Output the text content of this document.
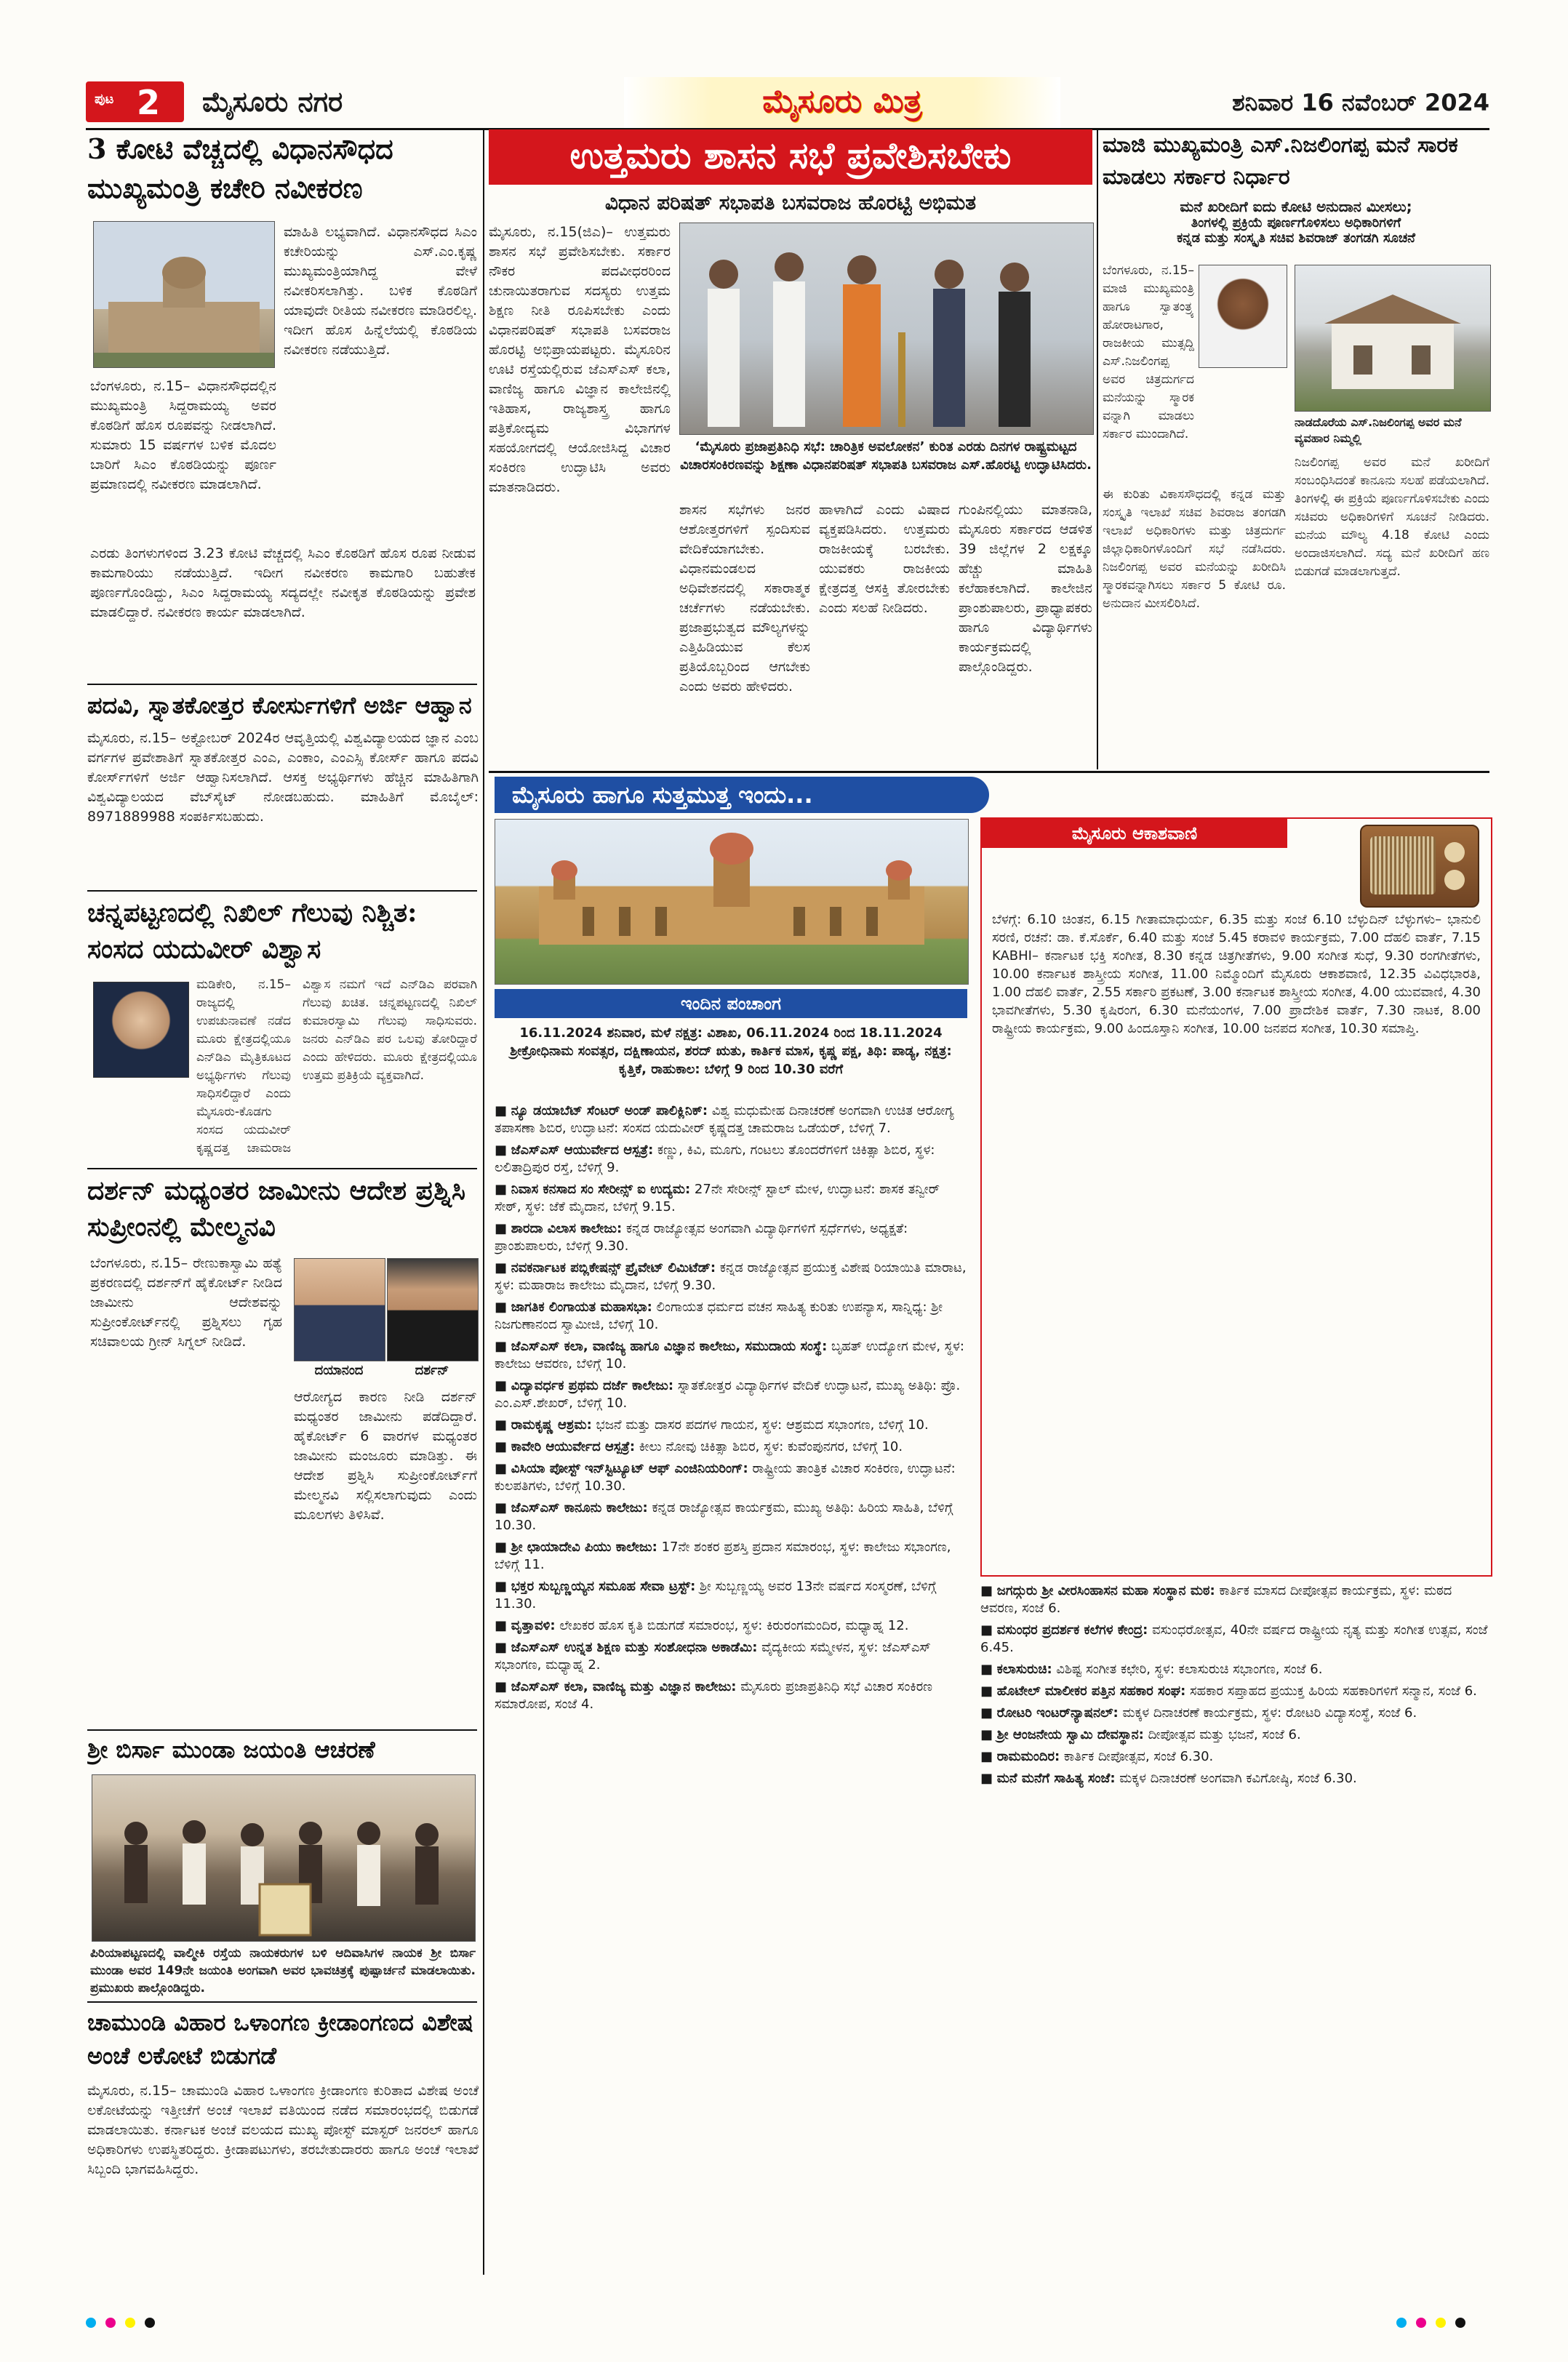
ಪುಟ 2 ಮೈಸೂರು ನಗರ	ಮೈಸೂರು ಮಿತ್ರ	ಶನಿವಾರ 16 ನವೆಂಬರ್ 2024
3 ಕೋಟಿ ವೆಚ್ಚದಲ್ಲಿ ವಿಧಾನಸೌಧದ ಮುಖ್ಯಮಂತ್ರಿ ಕಚೇರಿ ನವೀಕರಣ
ಮಾಹಿತಿ ಲಭ್ಯವಾಗಿದೆ. ವಿಧಾನಸೌಧದ ಸಿಎಂ ಕಚೇರಿಯನ್ನು ಎಸ್.ಎಂ.ಕೃಷ್ಣ ಮುಖ್ಯಮಂತ್ರಿಯಾಗಿದ್ದ ವೇಳೆ ನವೀಕರಿಸಲಾಗಿತ್ತು. ಬಳಿಕ ಕೊಠಡಿಗೆ ಯಾವುದೇ ರೀತಿಯ ನವೀಕರಣ ಮಾಡಿರಲಿಲ್ಲ. ಇದೀಗ ಹೊಸ ಹಿನ್ನೆಲೆಯಲ್ಲಿ ಕೊಠಡಿಯ ನವೀಕರಣ ನಡೆಯುತ್ತಿದೆ.
ಬೆಂಗಳೂರು, ನ.15– ವಿಧಾನಸೌಧದಲ್ಲಿನ ಮುಖ್ಯಮಂತ್ರಿ ಸಿದ್ದರಾಮಯ್ಯ ಅವರ ಕೊಠಡಿಗೆ ಹೊಸ ರೂಪವನ್ನು ನೀಡಲಾಗಿದೆ. ಸುಮಾರು 15 ವರ್ಷಗಳ ಬಳಿಕ ಮೊದಲ ಬಾರಿಗೆ ಸಿಎಂ ಕೊಠಡಿಯನ್ನು ಪೂರ್ಣ ಪ್ರಮಾಣದಲ್ಲಿ ನವೀಕರಣ ಮಾಡಲಾಗಿದೆ.
ಎರಡು ತಿಂಗಳುಗಳಿಂದ 3.23 ಕೋಟಿ ವೆಚ್ಚದಲ್ಲಿ ಸಿಎಂ ಕೊಠಡಿಗೆ ಹೊಸ ರೂಪ ನೀಡುವ ಕಾಮಗಾರಿಯು ನಡೆಯುತ್ತಿದೆ. ಇದೀಗ ನವೀಕರಣ ಕಾಮಗಾರಿ ಬಹುತೇಕ ಪೂರ್ಣಗೊಂಡಿದ್ದು, ಸಿಎಂ ಸಿದ್ದರಾಮಯ್ಯ ಸದ್ಯದಲ್ಲೇ ನವೀಕೃತ ಕೊಠಡಿಯನ್ನು ಪ್ರವೇಶ ಮಾಡಲಿದ್ದಾರೆ. ನವೀಕರಣ ಕಾರ್ಯ ಮಾಡಲಾಗಿದೆ.
ಪದವಿ, ಸ್ನಾತಕೋತ್ತರ ಕೋರ್ಸುಗಳಿಗೆ ಅರ್ಜಿ ಆಹ್ವಾನ
ಮೈಸೂರು, ನ.15– ಅಕ್ಟೋಬರ್ 2024ರ ಆವೃತ್ತಿಯಲ್ಲಿ ವಿಶ್ವವಿದ್ಯಾಲಯದ ಜ್ಞಾನ ಎಂಬ ವರ್ಗಗಳ ಪ್ರವೇಶಾತಿಗೆ ಸ್ನಾತಕೋತ್ತರ ಎಂಎ, ಎಂಕಾಂ, ಎಂಎಸ್ಸಿ ಕೋರ್ಸ್ ಹಾಗೂ ಪದವಿ ಕೋರ್ಸ್‌ಗಳಿಗೆ ಅರ್ಜಿ ಆಹ್ವಾನಿಸಲಾಗಿದೆ. ಆಸಕ್ತ ಅಭ್ಯರ್ಥಿಗಳು ಹೆಚ್ಚಿನ ಮಾಹಿತಿಗಾಗಿ ವಿಶ್ವವಿದ್ಯಾಲಯದ ವೆಬ್‌ಸೈಟ್ ನೋಡಬಹುದು. ಮಾಹಿತಿಗೆ ಮೊಬೈಲ್: 8971889988 ಸಂಪರ್ಕಿಸಬಹುದು.
ಚನ್ನಪಟ್ಟಣದಲ್ಲಿ ನಿಖಿಲ್ ಗೆಲುವು ನಿಶ್ಚಿತ: ಸಂಸದ ಯದುವೀರ್ ವಿಶ್ವಾಸ
ಮಡಿಕೇರಿ, ನ.15– ರಾಜ್ಯದಲ್ಲಿ ಉಪಚುನಾವಣೆ ನಡೆದ ಮೂರು ಕ್ಷೇತ್ರದಲ್ಲಿಯೂ ಎನ್‌ಡಿಎ ಮೈತ್ರಿಕೂಟದ ಅಭ್ಯರ್ಥಿಗಳು ಗೆಲುವು ಸಾಧಿಸಲಿದ್ದಾರೆ ಎಂದು ಮೈಸೂರು-ಕೊಡಗು ಸಂಸದ ಯದುವೀರ್ ಕೃಷ್ಣದತ್ತ ಚಾಮರಾಜ
ವಿಶ್ವಾಸ ನಮಗೆ ಇದೆ ಎನ್‌ಡಿಎ ಪರವಾಗಿ ಗೆಲುವು ಖಚಿತ. ಚನ್ನಪಟ್ಟಣದಲ್ಲಿ ನಿಖಿಲ್ ಕುಮಾರಸ್ವಾಮಿ ಗೆಲುವು ಸಾಧಿಸುವರು. ಜನರು ಎನ್‌ಡಿಎ ಪರ ಒಲವು ತೋರಿದ್ದಾರೆ ಎಂದು ಹೇಳಿದರು. ಮೂರು ಕ್ಷೇತ್ರದಲ್ಲಿಯೂ ಉತ್ತಮ ಪ್ರತಿಕ್ರಿಯೆ ವ್ಯಕ್ತವಾಗಿದೆ.
ದರ್ಶನ್ ಮಧ್ಯಂತರ ಜಾಮೀನು ಆದೇಶ ಪ್ರಶ್ನಿಸಿ ಸುಪ್ರೀಂನಲ್ಲಿ ಮೇಲ್ಮನವಿ
ಬೆಂಗಳೂರು, ನ.15– ರೇಣುಕಾಸ್ವಾಮಿ ಹತ್ಯೆ ಪ್ರಕರಣದಲ್ಲಿ ದರ್ಶನ್‌ಗೆ ಹೈಕೋರ್ಟ್ ನೀಡಿದ ಜಾಮೀನು ಆದೇಶವನ್ನು ಸುಪ್ರೀಂಕೋರ್ಟ್‌ನಲ್ಲಿ ಪ್ರಶ್ನಿಸಲು ಗೃಹ ಸಚಿವಾಲಯ ಗ್ರೀನ್ ಸಿಗ್ನಲ್ ನೀಡಿದೆ.
ದಯಾನಂದ	ದರ್ಶನ್
ಆರೋಗ್ಯದ ಕಾರಣ ನೀಡಿ ದರ್ಶನ್ ಮಧ್ಯಂತರ ಜಾಮೀನು ಪಡೆದಿದ್ದಾರೆ. ಹೈಕೋರ್ಟ್ 6 ವಾರಗಳ ಮಧ್ಯಂತರ ಜಾಮೀನು ಮಂಜೂರು ಮಾಡಿತ್ತು. ಈ ಆದೇಶ ಪ್ರಶ್ನಿಸಿ ಸುಪ್ರೀಂಕೋರ್ಟ್‌ಗೆ ಮೇಲ್ಮನವಿ ಸಲ್ಲಿಸಲಾಗುವುದು ಎಂದು ಮೂಲಗಳು ತಿಳಿಸಿವೆ.
ಶ್ರೀ ಬಿರ್ಸಾ ಮುಂಡಾ ಜಯಂತಿ ಆಚರಣೆ
ಪಿರಿಯಾಪಟ್ಟಣದಲ್ಲಿ ವಾಲ್ಮೀಕಿ ರಸ್ತೆಯ ನಾಯಕರುಗಳ ಬಳಿ ಆದಿವಾಸಿಗಳ ನಾಯಕ ಶ್ರೀ ಬಿರ್ಸಾ ಮುಂಡಾ ಅವರ 149ನೇ ಜಯಂತಿ ಅಂಗವಾಗಿ ಅವರ ಭಾವಚಿತ್ರಕ್ಕೆ ಪುಷ್ಪಾರ್ಚನೆ ಮಾಡಲಾಯಿತು. ಪ್ರಮುಖರು ಪಾಲ್ಗೊಂಡಿದ್ದರು.
ಚಾಮುಂಡಿ ವಿಹಾರ ಒಳಾಂಗಣ ಕ್ರೀಡಾಂಗಣದ ವಿಶೇಷ ಅಂಚೆ ಲಕೋಟೆ ಬಿಡುಗಡೆ
ಮೈಸೂರು, ನ.15– ಚಾಮುಂಡಿ ವಿಹಾರ ಒಳಾಂಗಣ ಕ್ರೀಡಾಂಗಣ ಕುರಿತಾದ ವಿಶೇಷ ಅಂಚೆ ಲಕೋಟೆಯನ್ನು ಇತ್ತೀಚೆಗೆ ಅಂಚೆ ಇಲಾಖೆ ವತಿಯಿಂದ ನಡೆದ ಸಮಾರಂಭದಲ್ಲಿ ಬಿಡುಗಡೆ ಮಾಡಲಾಯಿತು. ಕರ್ನಾಟಕ ಅಂಚೆ ವಲಯದ ಮುಖ್ಯ ಪೋಸ್ಟ್ ಮಾಸ್ಟರ್ ಜನರಲ್ ಹಾಗೂ ಅಧಿಕಾರಿಗಳು ಉಪಸ್ಥಿತರಿದ್ದರು. ಕ್ರೀಡಾಪಟುಗಳು, ತರಬೇತುದಾರರು ಹಾಗೂ ಅಂಚೆ ಇಲಾಖೆ ಸಿಬ್ಬಂದಿ ಭಾಗವಹಿಸಿದ್ದರು.
ಉತ್ತಮರು ಶಾಸನ ಸಭೆ ಪ್ರವೇಶಿಸಬೇಕು
ವಿಧಾನ ಪರಿಷತ್ ಸಭಾಪತಿ ಬಸವರಾಜ ಹೊರಟ್ಟಿ ಅಭಿಮತ
ಮೈಸೂರು, ನ.15(ಜಿಎ)– ಉತ್ತಮರು ಶಾಸನ ಸಭೆ ಪ್ರವೇಶಿಸಬೇಕು. ಸರ್ಕಾರ ನೌಕರ ಪದವೀಧರರಿಂದ ಚುನಾಯಿತರಾಗುವ ಸದಸ್ಯರು ಉತ್ತಮ ಶಿಕ್ಷಣ ನೀತಿ ರೂಪಿಸಬೇಕು ಎಂದು ವಿಧಾನಪರಿಷತ್ ಸಭಾಪತಿ ಬಸವರಾಜ ಹೊರಟ್ಟಿ ಅಭಿಪ್ರಾಯಪಟ್ಟರು. ಮೈಸೂರಿನ ಊಟಿ ರಸ್ತೆಯಲ್ಲಿರುವ ಜೆಎಸ್ಎಸ್ ಕಲಾ, ವಾಣಿಜ್ಯ ಹಾಗೂ ವಿಜ್ಞಾನ ಕಾಲೇಜಿನಲ್ಲಿ ಇತಿಹಾಸ, ರಾಜ್ಯಶಾಸ್ತ್ರ ಹಾಗೂ ಪತ್ರಿಕೋದ್ಯಮ ವಿಭಾಗಗಳ ಸಹಯೋಗದಲ್ಲಿ ಆಯೋಜಿಸಿದ್ದ ವಿಚಾರ ಸಂಕಿರಣ ಉದ್ಘಾಟಿಸಿ ಅವರು ಮಾತನಾಡಿದರು.
‘ಮೈಸೂರು ಪ್ರಜಾಪ್ರತಿನಿಧಿ ಸಭೆ: ಚಾರಿತ್ರಿಕ ಅವಲೋಕನ’ ಕುರಿತ ಎರಡು ದಿನಗಳ ರಾಷ್ಟ್ರಮಟ್ಟದ ವಿಚಾರಸಂಕಿರಣವನ್ನು ಶಿಕ್ಷಣಾ ವಿಧಾನಪರಿಷತ್ ಸಭಾಪತಿ ಬಸವರಾಜ ಎಸ್.ಹೊರಟ್ಟಿ ಉದ್ಘಾಟಿಸಿದರು.
ಶಾಸನ ಸಭೆಗಳು ಜನರ ಆಶೋತ್ತರಗಳಿಗೆ ಸ್ಪಂದಿಸುವ ವೇದಿಕೆಯಾಗಬೇಕು. ವಿಧಾನಮಂಡಲದ ಅಧಿವೇಶನದಲ್ಲಿ ಸಕಾರಾತ್ಮಕ ಚರ್ಚೆಗಳು ನಡೆಯಬೇಕು. ಪ್ರಜಾಪ್ರಭುತ್ವದ ಮೌಲ್ಯಗಳನ್ನು ಎತ್ತಿಹಿಡಿಯುವ ಕೆಲಸ ಪ್ರತಿಯೊಬ್ಬರಿಂದ ಆಗಬೇಕು ಎಂದು ಅವರು ಹೇಳಿದರು.
ಹಾಳಾಗಿದೆ ಎಂದು ವಿಷಾದ ವ್ಯಕ್ತಪಡಿಸಿದರು. ಉತ್ತಮರು ರಾಜಕೀಯಕ್ಕೆ ಬರಬೇಕು. ಯುವಕರು ರಾಜಕೀಯ ಕ್ಷೇತ್ರದತ್ತ ಆಸಕ್ತಿ ತೋರಬೇಕು ಎಂದು ಸಲಹೆ ನೀಡಿದರು.
ಗುಂಪಿನಲ್ಲಿಯು ಮಾತನಾಡಿ, ಮೈಸೂರು ಸರ್ಕಾರದ ಆಡಳಿತ 39 ಜಿಲ್ಲೆಗಳ 2 ಲಕ್ಷಕ್ಕೂ ಹೆಚ್ಚು ಮಾಹಿತಿ ಕಲೆಹಾಕಲಾಗಿದೆ. ಕಾಲೇಜಿನ ಪ್ರಾಂಶುಪಾಲರು, ಪ್ರಾಧ್ಯಾಪಕರು ಹಾಗೂ ವಿದ್ಯಾರ್ಥಿಗಳು ಕಾರ್ಯಕ್ರಮದಲ್ಲಿ ಪಾಲ್ಗೊಂಡಿದ್ದರು.
ಮಾಜಿ ಮುಖ್ಯಮಂತ್ರಿ ಎಸ್.ನಿಜಲಿಂಗಪ್ಪ ಮನೆ ಸಾರಕ ಮಾಡಲು ಸರ್ಕಾರ ನಿರ್ಧಾರ
ಮನೆ ಖರೀದಿಗೆ ಐದು ಕೋಟಿ ಅನುದಾನ ಮೀಸಲು;
ತಿಂಗಳಲ್ಲಿ ಪ್ರಕ್ರಿಯೆ ಪೂರ್ಣಗೊಳಿಸಲು ಅಧಿಕಾರಿಗಳಿಗೆ
ಕನ್ನಡ ಮತ್ತು ಸಂಸ್ಕೃತಿ ಸಚಿವ ಶಿವರಾಜ್ ತಂಗಡಗಿ ಸೂಚನೆ
ಬೆಂಗಳೂರು, ನ.15– ಮಾಜಿ ಮುಖ್ಯಮಂತ್ರಿ ಹಾಗೂ ಸ್ವಾತಂತ್ರ್ಯ ಹೋರಾಟಗಾರ, ರಾಜಕೀಯ ಮುತ್ಸದ್ದಿ ಎಸ್.ನಿಜಲಿಂಗಪ್ಪ ಅವರ ಚಿತ್ರದುರ್ಗದ ಮನೆಯನ್ನು ಸ್ಮಾರಕ ವನ್ನಾಗಿ ಮಾಡಲು ಸರ್ಕಾರ ಮುಂದಾಗಿದೆ.
ನಾಡದೊರೆಯ ಎಸ್.ನಿಜಲಿಂಗಪ್ಪ ಅವರ ಮನೆ ವ್ಯವಹಾರ ನಿಮ್ಮಲ್ಲಿ
ಈ ಕುರಿತು ವಿಕಾಸಸೌಧದಲ್ಲಿ ಕನ್ನಡ ಮತ್ತು ಸಂಸ್ಕೃತಿ ಇಲಾಖೆ ಸಚಿವ ಶಿವರಾಜ ತಂಗಡಗಿ ಇಲಾಖೆ ಅಧಿಕಾರಿಗಳು ಮತ್ತು ಚಿತ್ರದುರ್ಗ ಜಿಲ್ಲಾಧಿಕಾರಿಗಳೊಂದಿಗೆ ಸಭೆ ನಡೆಸಿದರು. ನಿಜಲಿಂಗಪ್ಪ ಅವರ ಮನೆಯನ್ನು ಖರೀದಿಸಿ ಸ್ಮಾರಕವನ್ನಾಗಿಸಲು ಸರ್ಕಾರ 5 ಕೋಟಿ ರೂ. ಅನುದಾನ ಮೀಸಲಿರಿಸಿದೆ.
ನಿಜಲಿಂಗಪ್ಪ ಅವರ ಮನೆ ಖರೀದಿಗೆ ಸಂಬಂಧಿಸಿದಂತೆ ಕಾನೂನು ಸಲಹೆ ಪಡೆಯಲಾಗಿದೆ. ತಿಂಗಳಲ್ಲಿ ಈ ಪ್ರಕ್ರಿಯೆ ಪೂರ್ಣಗೊಳಿಸಬೇಕು ಎಂದು ಸಚಿವರು ಅಧಿಕಾರಿಗಳಿಗೆ ಸೂಚನೆ ನೀಡಿದರು. ಮನೆಯ ಮೌಲ್ಯ 4.18 ಕೋಟಿ ಎಂದು ಅಂದಾಜಿಸಲಾಗಿದೆ. ಸದ್ಯ ಮನೆ ಖರೀದಿಗೆ ಹಣ ಬಿಡುಗಡೆ ಮಾಡಲಾಗುತ್ತದೆ.
ಮೈಸೂರು ಹಾಗೂ ಸುತ್ತಮುತ್ತ ಇಂದು...
ಇಂದಿನ ಪಂಚಾಂಗ
16.11.2024 ಶನಿವಾರ, ಮಳೆ ನಕ್ಷತ್ರ: ವಿಶಾಖ, 06.11.2024 ರಿಂದ 18.11.2024 ಶ್ರೀಕ್ರೋಧಿನಾಮ ಸಂವತ್ಸರ, ದಕ್ಷಿಣಾಯನ, ಶರದ್ ಋತು, ಕಾರ್ತಿಕ ಮಾಸ, ಕೃಷ್ಣ ಪಕ್ಷ, ತಿಥಿ: ಪಾಡ್ಯ, ನಕ್ಷತ್ರ: ಕೃತ್ತಿಕೆ, ರಾಹುಕಾಲ: ಬೆಳಿಗ್ಗೆ 9 ರಿಂದ 10.30 ವರೆಗೆ
ಮೈಸೂರು ಆಕಾಶವಾಣಿ
ಬೆಳಗ್ಗೆ: 6.10 ಚಿಂತನ, 6.15 ಗೀತಾಮಾಧುರ್ಯ, 6.35 ಮತ್ತು ಸಂಜೆ 6.10 ಬೆಳ್ಳುದಿನ್ ಬೆಳ್ಳುಗಳು– ಭಾನುಲಿ ಸರಣಿ, ರಚನೆ: ಡಾ. ಕೆ.ಸೊರ್ಕೆ, 6.40 ಮತ್ತು ಸಂಜೆ 5.45 ಕರಾವಳಿ ಕಾರ್ಯಕ್ರಮ, 7.00 ದೆಹಲಿ ವಾರ್ತೆ, 7.15 KABHI– ಕರ್ನಾಟಕ ಭಕ್ತಿ ಸಂಗೀತ, 8.30 ಕನ್ನಡ ಚಿತ್ರಗೀತೆಗಳು, 9.00 ಸಂಗೀತ ಸುಧೆ, 9.30 ರಂಗಗೀತೆಗಳು, 10.00 ಕರ್ನಾಟಕ ಶಾಸ್ತ್ರೀಯ ಸಂಗೀತ, 11.00 ನಿಮ್ಮೊಂದಿಗೆ ಮೈಸೂರು ಆಕಾಶವಾಣಿ, 12.35 ವಿವಿಧಭಾರತಿ, 1.00 ದೆಹಲಿ ವಾರ್ತೆ, 2.55 ಸರ್ಕಾರಿ ಪ್ರಕಟಣೆ, 3.00 ಕರ್ನಾಟಕ ಶಾಸ್ತ್ರೀಯ ಸಂಗೀತ, 4.00 ಯುವವಾಣಿ, 4.30 ಭಾವಗೀತೆಗಳು, 5.30 ಕೃಷಿರಂಗ, 6.30 ಮನೆಯಂಗಳ, 7.00 ಪ್ರಾದೇಶಿಕ ವಾರ್ತೆ, 7.30 ನಾಟಕ, 8.00 ರಾಷ್ಟ್ರೀಯ ಕಾರ್ಯಕ್ರಮ, 9.00 ಹಿಂದೂಸ್ತಾನಿ ಸಂಗೀತ, 10.00 ಜನಪದ ಸಂಗೀತ, 10.30 ಸಮಾಪ್ತಿ.
■ ನ್ಯೂ ಡಯಾಬೆಟ್ ಸೆಂಟರ್ ಅಂಡ್ ಪಾಲಿಕ್ಲಿನಿಕ್: ವಿಶ್ವ ಮಧುಮೇಹ ದಿನಾಚರಣೆ ಅಂಗವಾಗಿ ಉಚಿತ ಆರೋಗ್ಯ ತಪಾಸಣಾ ಶಿಬಿರ, ಉದ್ಘಾಟನೆ: ಸಂಸದ ಯದುವೀರ್ ಕೃಷ್ಣದತ್ತ ಚಾಮರಾಜ ಒಡೆಯರ್, ಬೆಳಿಗ್ಗೆ 7.
■ ಜೆಎಸ್ಎಸ್ ಆಯುರ್ವೇದ ಆಸ್ಪತ್ರೆ: ಕಣ್ಣು, ಕಿವಿ, ಮೂಗು, ಗಂಟಲು ತೊಂದರೆಗಳಿಗೆ ಚಿಕಿತ್ಸಾ ಶಿಬಿರ, ಸ್ಥಳ: ಲಲಿತಾದ್ರಿಪುರ ರಸ್ತೆ, ಬೆಳಿಗ್ಗೆ 9.
■ ನಿವಾಸ ಕನಸಾದ ಸಂ ಸೇರೀನ್ಸ್ ಐ ಉದ್ಯಮ: 27ನೇ ಸೇರೀನ್ಸ್ ಸ್ಟಾಲ್ ಮೇಳ, ಉದ್ಘಾಟನೆ: ಶಾಸಕ ತನ್ವೀರ್ ಸೇಠ್, ಸ್ಥಳ: ಜೆಕೆ ಮೈದಾನ, ಬೆಳಿಗ್ಗೆ 9.15.
■ ಶಾರದಾ ವಿಲಾಸ ಕಾಲೇಜು: ಕನ್ನಡ ರಾಜ್ಯೋತ್ಸವ ಅಂಗವಾಗಿ ವಿದ್ಯಾರ್ಥಿಗಳಿಗೆ ಸ್ಪರ್ಧೆಗಳು, ಅಧ್ಯಕ್ಷತೆ: ಪ್ರಾಂಶುಪಾಲರು, ಬೆಳಿಗ್ಗೆ 9.30.
■ ನವಕರ್ನಾಟಕ ಪಬ್ಲಿಕೇಷನ್ಸ್ ಪ್ರೈವೇಟ್ ಲಿಮಿಟೆಡ್: ಕನ್ನಡ ರಾಜ್ಯೋತ್ಸವ ಪ್ರಯುಕ್ತ ವಿಶೇಷ ರಿಯಾಯಿತಿ ಮಾರಾಟ, ಸ್ಥಳ: ಮಹಾರಾಜ ಕಾಲೇಜು ಮೈದಾನ, ಬೆಳಿಗ್ಗೆ 9.30.
■ ಜಾಗತಿಕ ಲಿಂಗಾಯತ ಮಹಾಸಭಾ: ಲಿಂಗಾಯತ ಧರ್ಮದ ವಚನ ಸಾಹಿತ್ಯ ಕುರಿತು ಉಪನ್ಯಾಸ, ಸಾನ್ನಿಧ್ಯ: ಶ್ರೀ ನಿಜಗುಣಾನಂದ ಸ್ವಾಮೀಜಿ, ಬೆಳಿಗ್ಗೆ 10.
■ ಜೆಎಸ್ಎಸ್ ಕಲಾ, ವಾಣಿಜ್ಯ ಹಾಗೂ ವಿಜ್ಞಾನ ಕಾಲೇಜು, ಸಮುದಾಯ ಸಂಸ್ಥೆ: ಬೃಹತ್ ಉದ್ಯೋಗ ಮೇಳ, ಸ್ಥಳ: ಕಾಲೇಜು ಆವರಣ, ಬೆಳಿಗ್ಗೆ 10.
■ ವಿದ್ಯಾವರ್ಧಕ ಪ್ರಥಮ ದರ್ಜೆ ಕಾಲೇಜು: ಸ್ನಾತಕೋತ್ತರ ವಿದ್ಯಾರ್ಥಿಗಳ ವೇದಿಕೆ ಉದ್ಘಾಟನೆ, ಮುಖ್ಯ ಅತಿಥಿ: ಪ್ರೊ. ಎಂ.ಎಸ್.ಶೇಖರ್, ಬೆಳಿಗ್ಗೆ 10.
■ ರಾಮಕೃಷ್ಣ ಆಶ್ರಮ: ಭಜನೆ ಮತ್ತು ದಾಸರ ಪದಗಳ ಗಾಯನ, ಸ್ಥಳ: ಆಶ್ರಮದ ಸಭಾಂಗಣ, ಬೆಳಿಗ್ಗೆ 10.
■ ಕಾವೇರಿ ಆಯುರ್ವೇದ ಆಸ್ಪತ್ರೆ: ಕೀಲು ನೋವು ಚಿಕಿತ್ಸಾ ಶಿಬಿರ, ಸ್ಥಳ: ಕುವೆಂಪುನಗರ, ಬೆಳಿಗ್ಗೆ 10.
■ ವಿಸಿಯಾ ಪೋಸ್ಟ್ ಇನ್‌ಸ್ಟಿಟ್ಯೂಟ್ ಆಫ್ ಎಂಜಿನಿಯರಿಂಗ್: ರಾಷ್ಟ್ರೀಯ ತಾಂತ್ರಿಕ ವಿಚಾರ ಸಂಕಿರಣ, ಉದ್ಘಾಟನೆ: ಕುಲಪತಿಗಳು, ಬೆಳಿಗ್ಗೆ 10.30.
■ ಜೆಎಸ್ಎಸ್ ಕಾನೂನು ಕಾಲೇಜು: ಕನ್ನಡ ರಾಜ್ಯೋತ್ಸವ ಕಾರ್ಯಕ್ರಮ, ಮುಖ್ಯ ಅತಿಥಿ: ಹಿರಿಯ ಸಾಹಿತಿ, ಬೆಳಿಗ್ಗೆ 10.30.
■ ಶ್ರೀ ಛಾಯಾದೇವಿ ಪಿಯು ಕಾಲೇಜು: 17ನೇ ಶಂಕರ ಪ್ರಶಸ್ತಿ ಪ್ರದಾನ ಸಮಾರಂಭ, ಸ್ಥಳ: ಕಾಲೇಜು ಸಭಾಂಗಣ, ಬೆಳಿಗ್ಗೆ 11.
■ ಭಕ್ತರ ಸುಬ್ಬಣ್ಣಯ್ಯನ ಸಮೂಹ ಸೇವಾ ಟ್ರಸ್ಟ್: ಶ್ರೀ ಸುಬ್ಬಣ್ಣಯ್ಯ ಅವರ 13ನೇ ವರ್ಷದ ಸಂಸ್ಮರಣೆ, ಬೆಳಿಗ್ಗೆ 11.30.
■ ವೃತ್ತಾವಳಿ: ಲೇಖಕರ ಹೊಸ ಕೃತಿ ಬಿಡುಗಡೆ ಸಮಾರಂಭ, ಸ್ಥಳ: ಕಿರುರಂಗಮಂದಿರ, ಮಧ್ಯಾಹ್ನ 12.
■ ಜೆಎಸ್ಎಸ್ ಉನ್ನತ ಶಿಕ್ಷಣ ಮತ್ತು ಸಂಶೋಧನಾ ಅಕಾಡೆಮಿ: ವೈದ್ಯಕೀಯ ಸಮ್ಮೇಳನ, ಸ್ಥಳ: ಜೆಎಸ್ಎಸ್ ಸಭಾಂಗಣ, ಮಧ್ಯಾಹ್ನ 2.
■ ಜೆಎಸ್ಎಸ್ ಕಲಾ, ವಾಣಿಜ್ಯ ಮತ್ತು ವಿಜ್ಞಾನ ಕಾಲೇಜು: ಮೈಸೂರು ಪ್ರಜಾಪ್ರತಿನಿಧಿ ಸಭೆ ವಿಚಾರ ಸಂಕಿರಣ ಸಮಾರೋಪ, ಸಂಜೆ 4.
■ ಜಗದ್ಗುರು ಶ್ರೀ ವೀರಸಿಂಹಾಸನ ಮಹಾ ಸಂಸ್ಥಾನ ಮಠ: ಕಾರ್ತಿಕ ಮಾಸದ ದೀಪೋತ್ಸವ ಕಾರ್ಯಕ್ರಮ, ಸ್ಥಳ: ಮಠದ ಆವರಣ, ಸಂಜೆ 6.
■ ವಸುಂಧರ ಪ್ರದರ್ಶಕ ಕಲೆಗಳ ಕೇಂದ್ರ: ವಸುಂಧರೋತ್ಸವ, 40ನೇ ವರ್ಷದ ರಾಷ್ಟ್ರೀಯ ನೃತ್ಯ ಮತ್ತು ಸಂಗೀತ ಉತ್ಸವ, ಸಂಜೆ 6.45.
■ ಕಲಾಸುರುಚಿ: ವಿಶಿಷ್ಟ ಸಂಗೀತ ಕಛೇರಿ, ಸ್ಥಳ: ಕಲಾಸುರುಚಿ ಸಭಾಂಗಣ, ಸಂಜೆ 6.
■ ಹೊಟೇಲ್ ಮಾಲೀಕರ ಪತ್ತಿನ ಸಹಕಾರ ಸಂಘ: ಸಹಕಾರ ಸಪ್ತಾಹದ ಪ್ರಯುಕ್ತ ಹಿರಿಯ ಸಹಕಾರಿಗಳಿಗೆ ಸನ್ಮಾನ, ಸಂಜೆ 6.
■ ರೋಟರಿ ಇಂಟರ್‌ನ್ಯಾಷನಲ್: ಮಕ್ಕಳ ದಿನಾಚರಣೆ ಕಾರ್ಯಕ್ರಮ, ಸ್ಥಳ: ರೋಟರಿ ವಿದ್ಯಾಸಂಸ್ಥೆ, ಸಂಜೆ 6.
■ ಶ್ರೀ ಆಂಜನೇಯ ಸ್ವಾಮಿ ದೇವಸ್ಥಾನ: ದೀಪೋತ್ಸವ ಮತ್ತು ಭಜನೆ, ಸಂಜೆ 6.
■ ರಾಮಮಂದಿರ: ಕಾರ್ತಿಕ ದೀಪೋತ್ಸವ, ಸಂಜೆ 6.30.
■ ಮನೆ ಮನೆಗೆ ಸಾಹಿತ್ಯ ಸಂಜೆ: ಮಕ್ಕಳ ದಿನಾಚರಣೆ ಅಂಗವಾಗಿ ಕವಿಗೋಷ್ಠಿ, ಸಂಜೆ 6.30.
